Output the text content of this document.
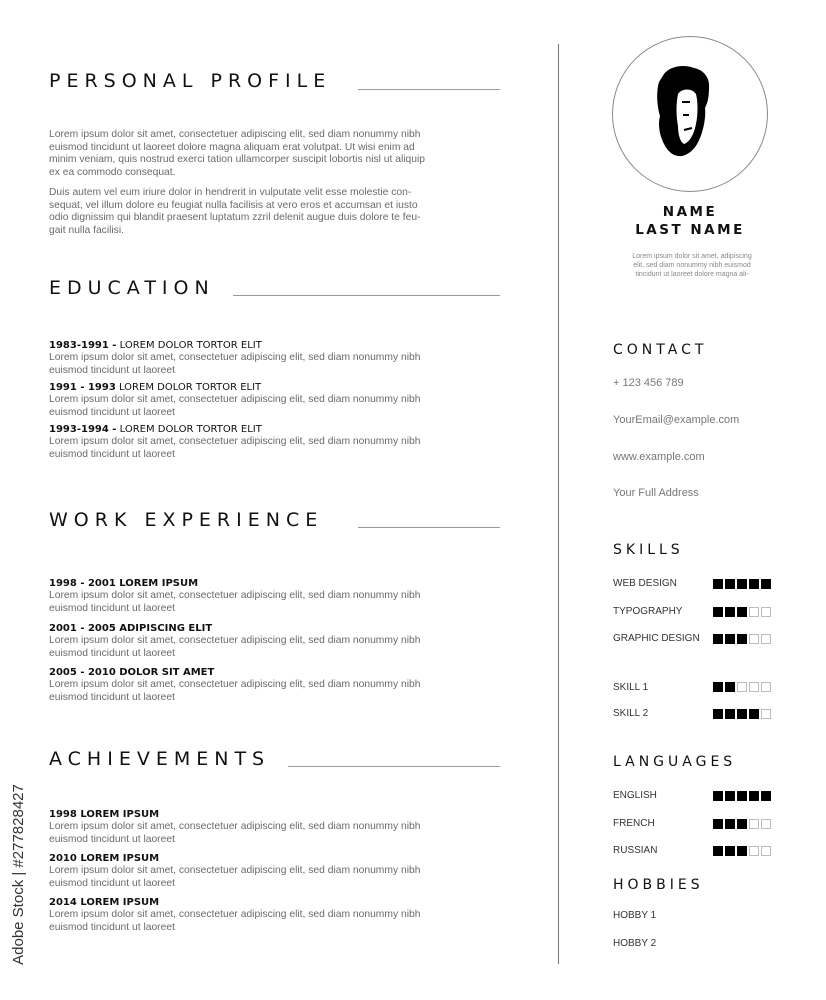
PERSONAL PROFILE

Lorem ipsum dolor sit amet, consectetuer adipiscing elit, sed diam nonummy nibh

euismod tincidunt ut laoreet dolore magna aliquam erat volutpat. Ut wisi enim ad

minim veniam, quis nostrud exerci tation ullamcorper suscipit lobortis nisl ut aliquip

ex ea commodo consequat.

Duis autem vel eum iriure dolor in hendrerit in vulputate velit esse molestie con-

sequat, vel illum dolore eu feugiat nulla facilisis at vero eros et accumsan et iusto

odio dignissim qui blandit praesent luptatum zzril delenit augue duis dolore te feu-

gait nulla facilisi.

EDUCATION
1983-1991 - LOREM DOLOR TORTOR ELIT
Lorem ipsum dolor sit amet, consectetuer adipiscing elit, sed diam nonummy nibh
euismod tincidunt ut laoreet
1991 - 1993 LOREM DOLOR TORTOR ELIT
Lorem ipsum dolor sit amet, consectetuer adipiscing elit, sed diam nonummy nibh
euismod tincidunt ut laoreet
1993-1994 - LOREM DOLOR TORTOR ELIT
Lorem ipsum dolor sit amet, consectetuer adipiscing elit, sed diam nonummy nibh
euismod tincidunt ut laoreet
WORK EXPERIENCE
1998 - 2001 LOREM IPSUM
Lorem ipsum dolor sit amet, consectetuer adipiscing elit, sed diam nonummy nibh
euismod tincidunt ut laoreet
2001 - 2005 ADIPISCING ELIT
Lorem ipsum dolor sit amet, consectetuer adipiscing elit, sed diam nonummy nibh
euismod tincidunt ut laoreet
2005 - 2010 DOLOR SIT AMET
Lorem ipsum dolor sit amet, consectetuer adipiscing elit, sed diam nonummy nibh
euismod tincidunt ut laoreet
ACHIEVEMENTS
1998 LOREM IPSUM
Lorem ipsum dolor sit amet, consectetuer adipiscing elit, sed diam nonummy nibh
euismod tincidunt ut laoreet
2010 LOREM IPSUM
Lorem ipsum dolor sit amet, consectetuer adipiscing elit, sed diam nonummy nibh
euismod tincidunt ut laoreet
2014 LOREM IPSUM
Lorem ipsum dolor sit amet, consectetuer adipiscing elit, sed diam nonummy nibh
euismod tincidunt ut laoreet
Adobe Stock | #277828427
NAME
LAST NAME
Lorem ipsum dolor sit amet, adipiscing
elit, sed diam nonummy nibh euismod
tincidunt ut laoreet dolore magna ali-
CONTACT
+ 123 456 789
YourEmail@example.com
www.example.com
Your Full Address
SKILLS
WEB DESIGN
TYPOGRAPHY
GRAPHIC DESIGN
SKILL 1
SKILL 2
LANGUAGES
ENGLISH
FRENCH
RUSSIAN
HOBBIES
HOBBY 1
HOBBY 2
